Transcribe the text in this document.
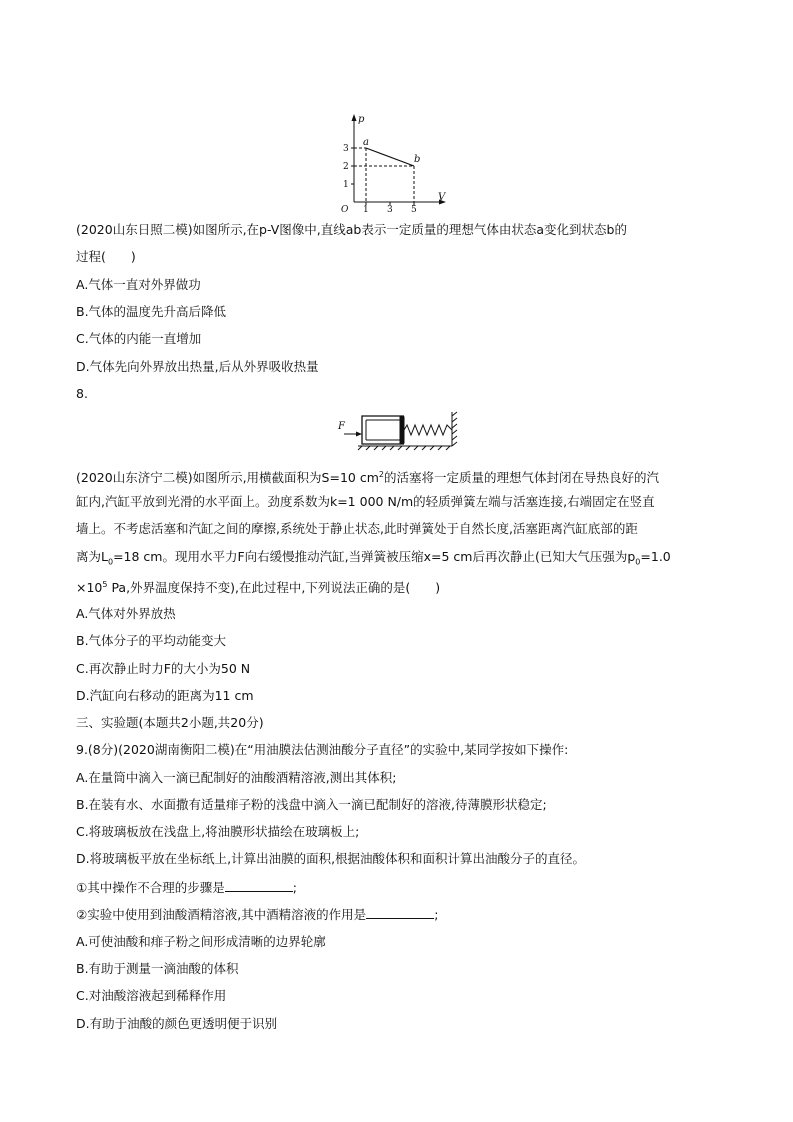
p
V
O
1
2
3
1 3 5
a
b
(2020山东日照二模)如图所示,在p-V图像中,直线ab表示一定质量的理想气体由状态a变化到状态b的
过程(　　)
A.气体一直对外界做功
B.气体的温度先升高后降低
C.气体的内能一直增加
D.气体先向外界放出热量,后从外界吸收热量
8.
F
(2020山东济宁二模)如图所示,用横截面积为S=10 $cm^2$的活塞将一定质量的理想气体封闭在导热良好的汽
缸内,汽缸平放到光滑的水平面上。劲度系数为k=1 000 N/m的轻质弹簧左端与活塞连接,右端固定在竖直
墙上。不考虑活塞和汽缸之间的摩擦,系统处于静止状态,此时弹簧处于自然长度,活塞距离汽缸底部的距
离为$L_0=18$ cm。现用水平力F向右缓慢推动汽缸,当弹簧被压缩x=5 cm后再次静止(已知大气压强为$p_0=1.0$
$\times 10^5$ Pa,外界温度保持不变),在此过程中,下列说法正确的是(　　)
A.气体对外界放热
B.气体分子的平均动能变大
C.再次静止时力F的大小为50 N
D.汽缸向右移动的距离为11 cm
三、实验题(本题共2小题,共20分)
9.(8分)(2020湖南衡阳二模)在“用油膜法估测油酸分子直径”的实验中,某同学按如下操作:
A.在量筒中滴入一滴已配制好的油酸酒精溶液,测出其体积;
B.在装有水、水面撒有适量痱子粉的浅盘中滴入一滴已配制好的溶液,待薄膜形状稳定;
C.将玻璃板放在浅盘上,将油膜形状描绘在玻璃板上;
D.将玻璃板平放在坐标纸上,计算出油膜的面积,根据油酸体积和面积计算出油酸分子的直径。
①其中操作不合理的步骤是	;
②实验中使用到油酸酒精溶液,其中酒精溶液的作用是	;
A.可使油酸和痱子粉之间形成清晰的边界轮廓
B.有助于测量一滴油酸的体积
C.对油酸溶液起到稀释作用
D.有助于油酸的颜色更透明便于识别
